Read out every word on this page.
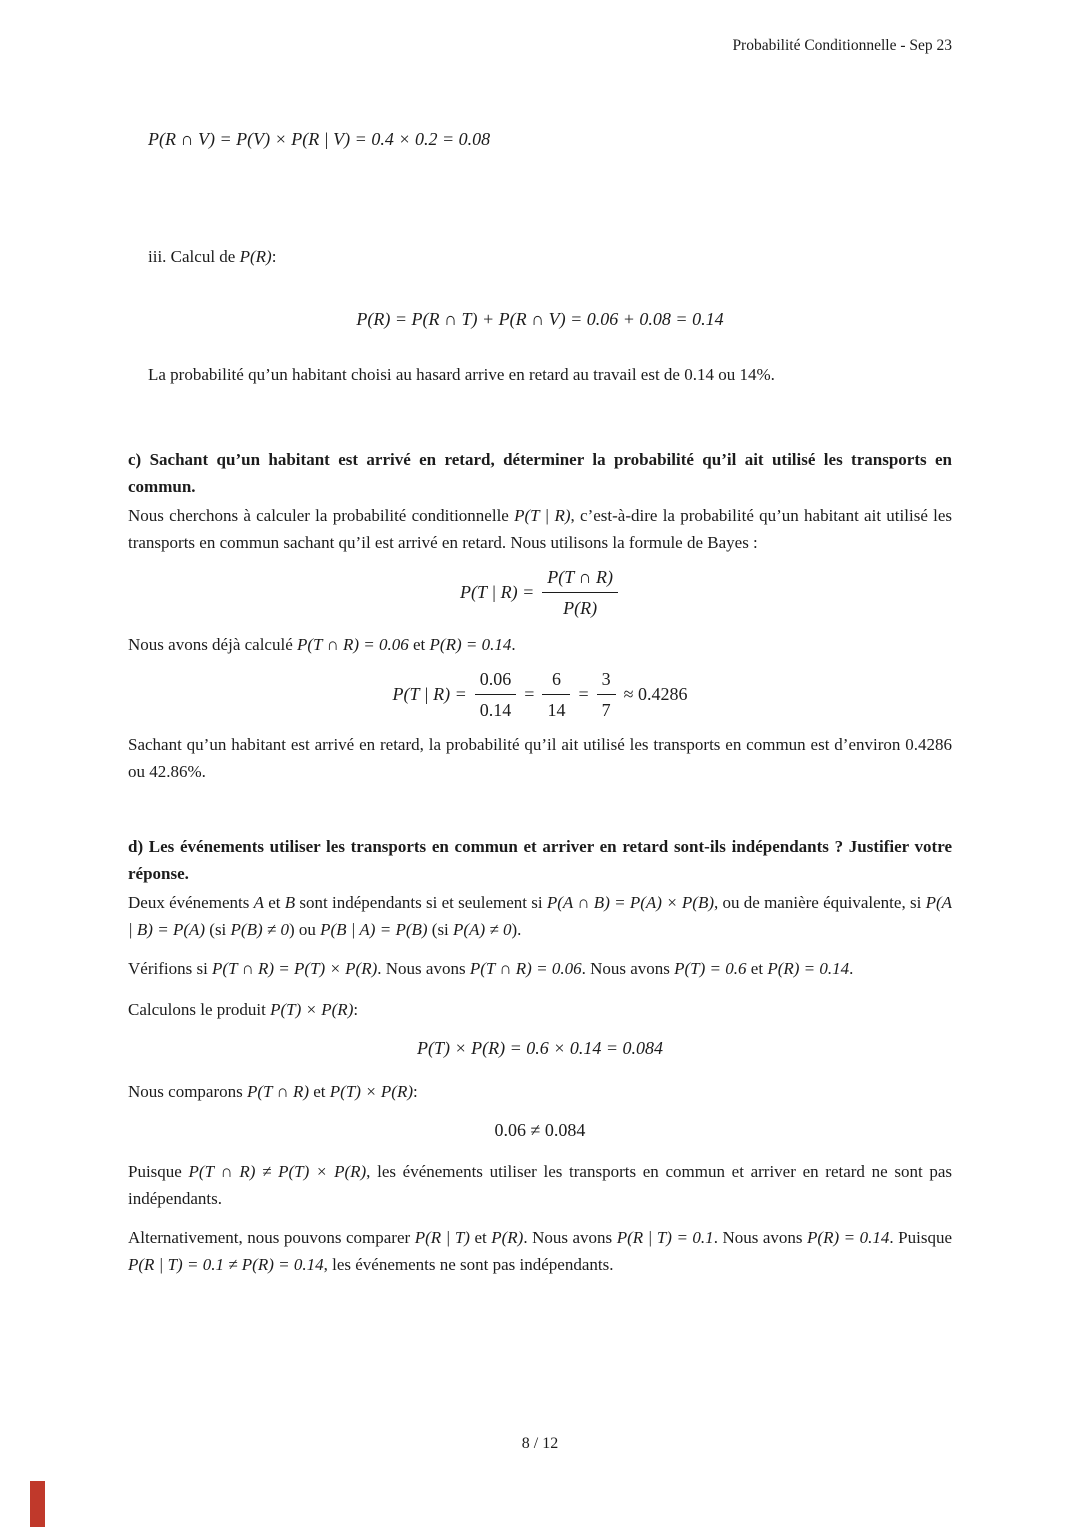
Probabilité Conditionnelle - Sep 23

P(R ∩ V) = P(V) × P(R | V) = 0.4 × 0.2 = 0.08

iii. Calcul de P(R):

P(R) = P(R ∩ T) + P(R ∩ V) = 0.06 + 0.08 = 0.14

La probabilité qu’un habitant choisi au hasard arrive en retard au travail est de 0.14 ou 14%.

c) Sachant qu’un habitant est arrivé en retard, déterminer la probabilité qu’il ait utilisé les transports en commun.

Nous cherchons à calculer la probabilité conditionnelle P(T | R), c’est-à-dire la probabilité qu’un habitant ait utilisé les transports en commun sachant qu’il est arrivé en retard. Nous utilisons la formule de Bayes :

P(T | $R) = \frac{P(T \cap R)}{P(R)}$

Nous avons déjà calculé P(T ∩ R) = 0.06 et P(R) = 0.14.

P(T | $R) = \frac{0.06}{0.14} = \frac{6}{14} = \frac{3}{7} \approx 0.4286$

Sachant qu’un habitant est arrivé en retard, la probabilité qu’il ait utilisé les transports en commun est d’environ 0.4286 ou 42.86%.

d) Les événements utiliser les transports en commun et arriver en retard sont-ils indépendants ? Justifier votre réponse.

Deux événements A et B sont indépendants si et seulement si P(A ∩ B) = P(A) × P(B), ou de manière équivalente, si P(A | B) = P(A) (si P(B) ≠ 0) ou P(B | A) = P(B) (si P(A) ≠ 0).

Vérifions si P(T ∩ R) = P(T) × P(R). Nous avons P(T ∩ R) = 0.06. Nous avons P(T) = 0.6 et P(R) = 0.14.

Calculons le produit P(T) × P(R):

P(T) × P(R) = 0.6 × 0.14 = 0.084

Nous comparons P(T ∩ R) et P(T) × P(R):

0.06 ≠ 0.084

Puisque P(T ∩ R) ≠ P(T) × P(R), les événements utiliser les transports en commun et arriver en retard ne sont pas indépendants.

Alternativement, nous pouvons comparer P(R | T) et P(R). Nous avons P(R | T) = 0.1. Nous avons P(R) = 0.14. Puisque P(R | T) = 0.1 ≠ P(R) = 0.14, les événements ne sont pas indépendants.

8 / 12
